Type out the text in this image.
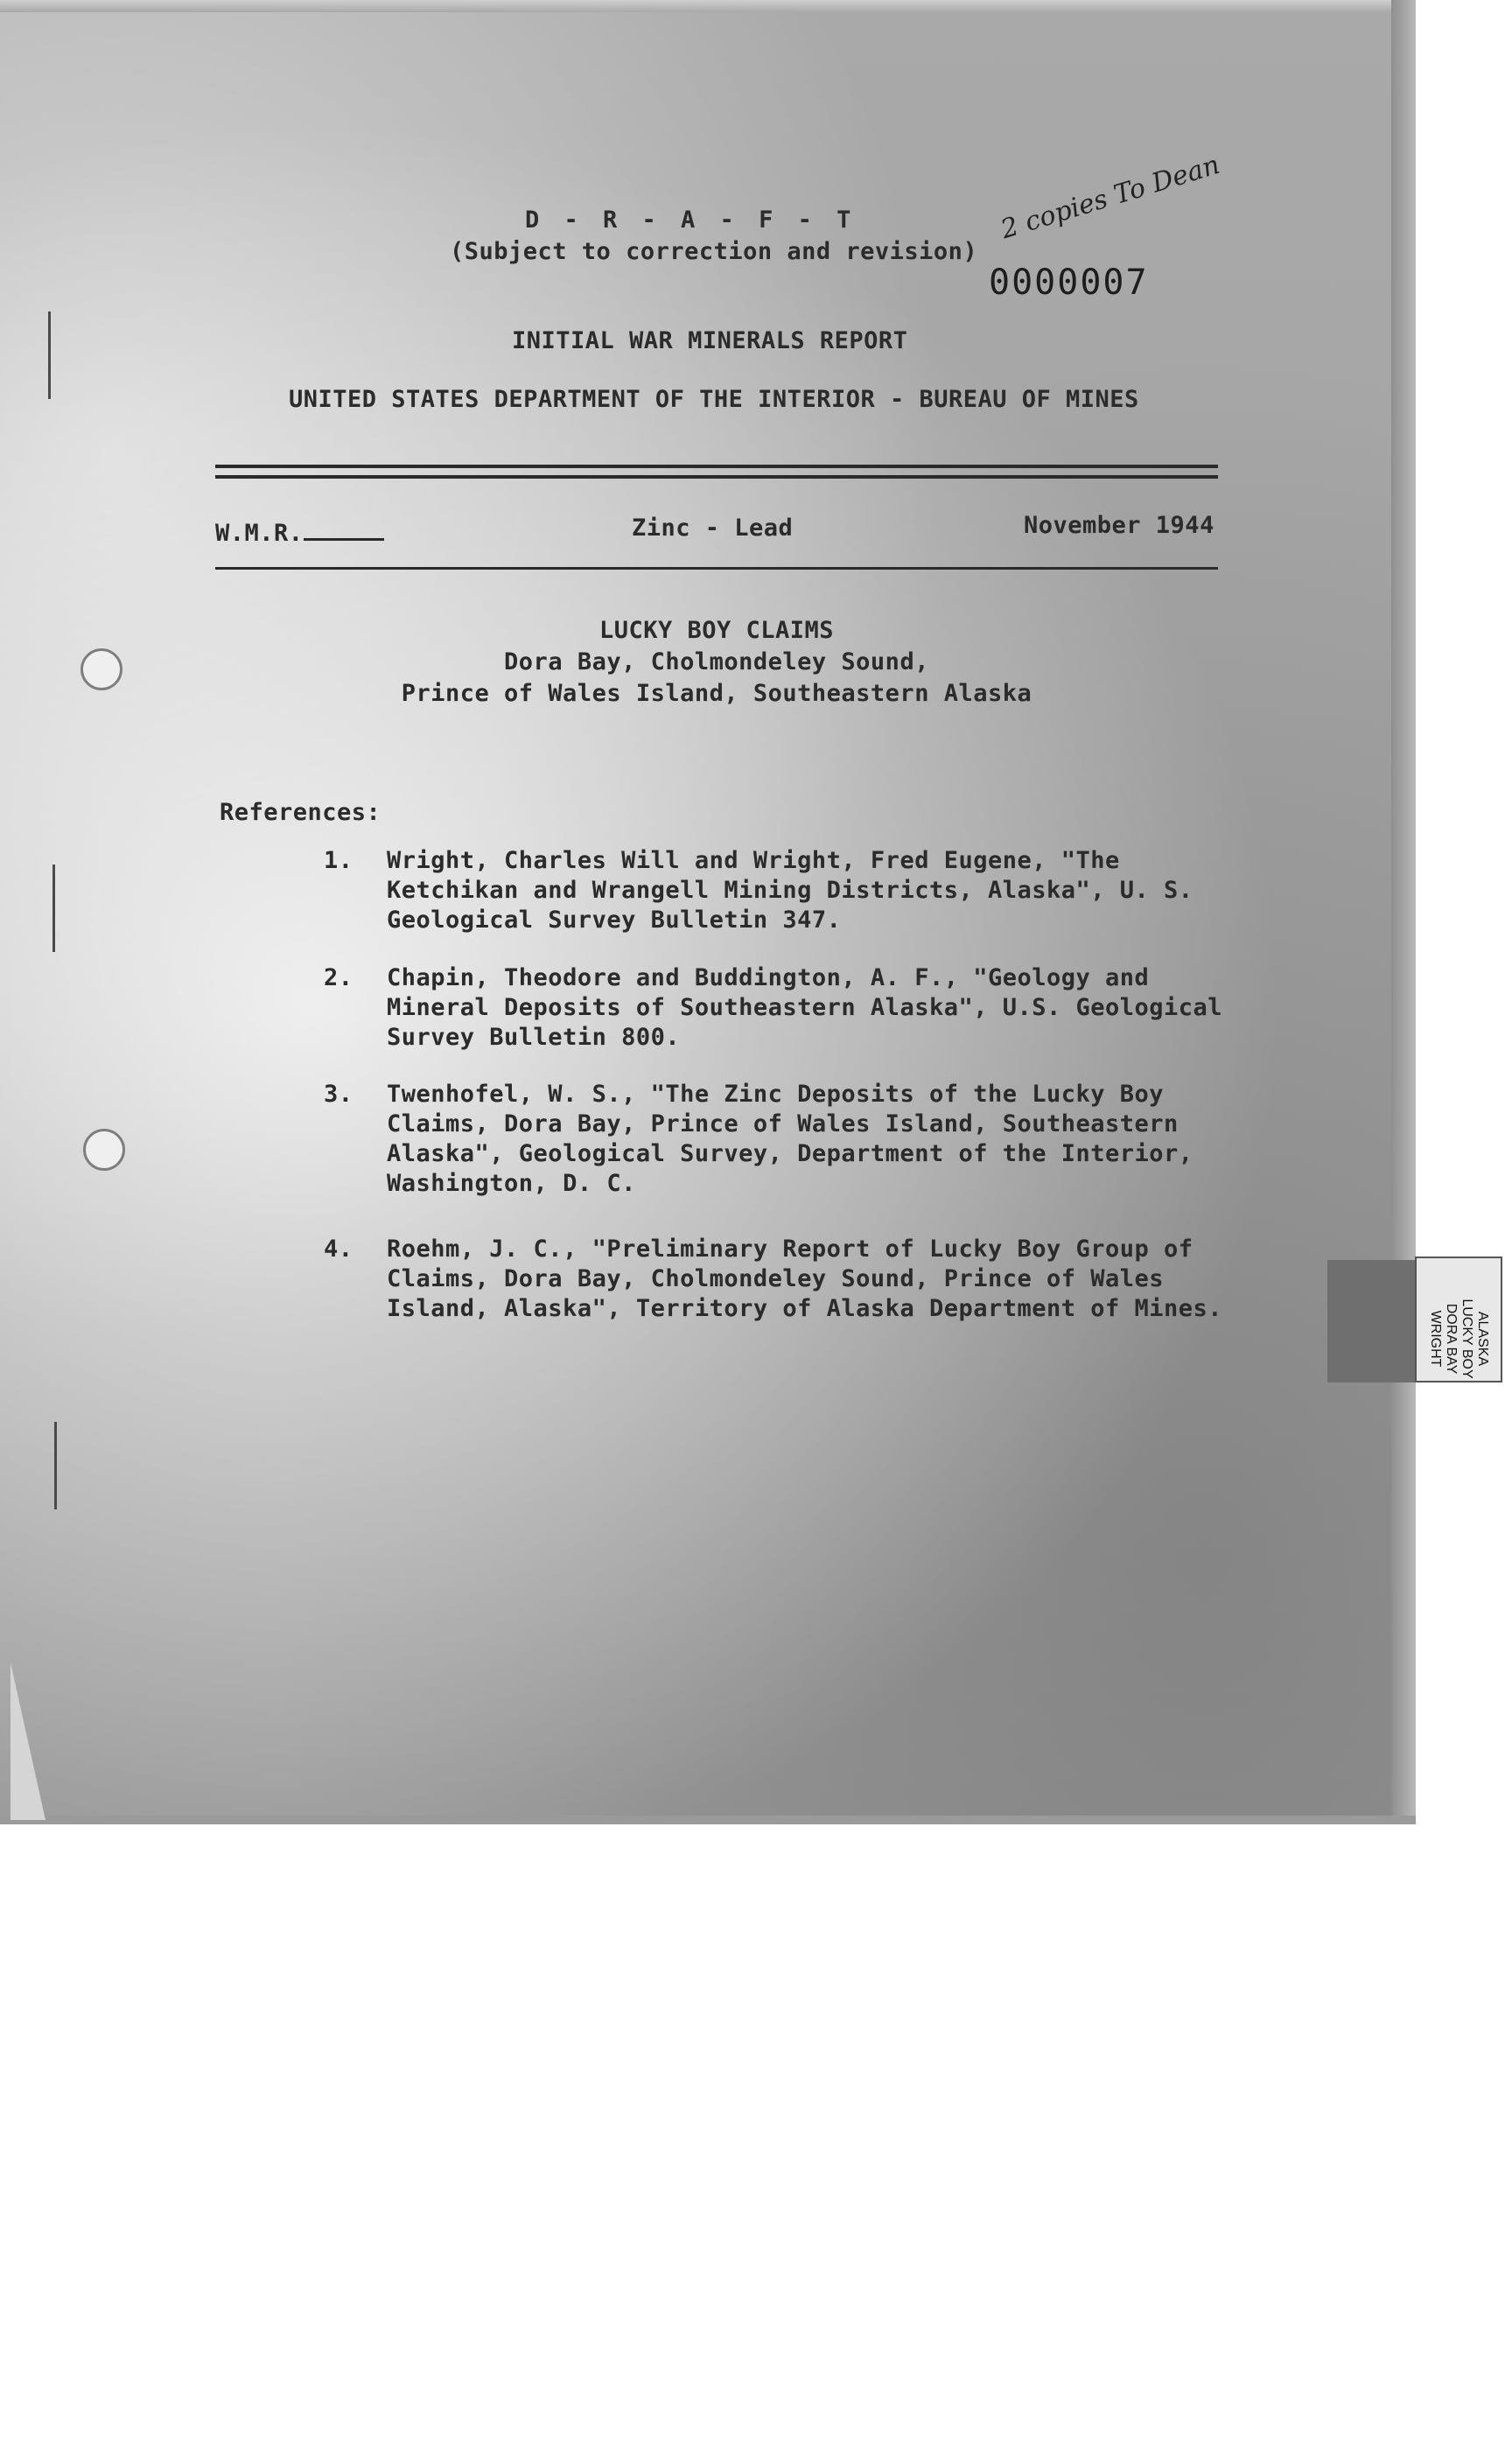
D - R - A - F - T
(Subject to correction and revision)
2 copies To Dean
0000007
INITIAL WAR MINERALS REPORT
UNITED STATES DEPARTMENT OF THE INTERIOR - BUREAU OF MINES
W.M.R.	Zinc - Lead	November 1944
LUCKY BOY CLAIMS
Dora Bay, Cholmondeley Sound,
Prince of Wales Island, Southeastern Alaska
References:
1. Wright, Charles Will and Wright, Fred Eugene, "The Ketchikan and Wrangell Mining Districts, Alaska", U. S. Geological Survey Bulletin 347.
2. Chapin, Theodore and Buddington, A. F., "Geology and Mineral Deposits of Southeastern Alaska", U.S. Geological Survey Bulletin 800.
3. Twenhofel, W. S., "The Zinc Deposits of the Lucky Boy Claims, Dora Bay, Prince of Wales Island, Southeastern Alaska", Geological Survey, Department of the Interior, Washington, D. C.
4. Roehm, J. C., "Preliminary Report of Lucky Boy Group of Claims, Dora Bay, Cholmondeley Sound, Prince of Wales Island, Alaska", Territory of Alaska Department of Mines.
ALASKA
LUCKY BOY
DORA BAY
WRIGHT
